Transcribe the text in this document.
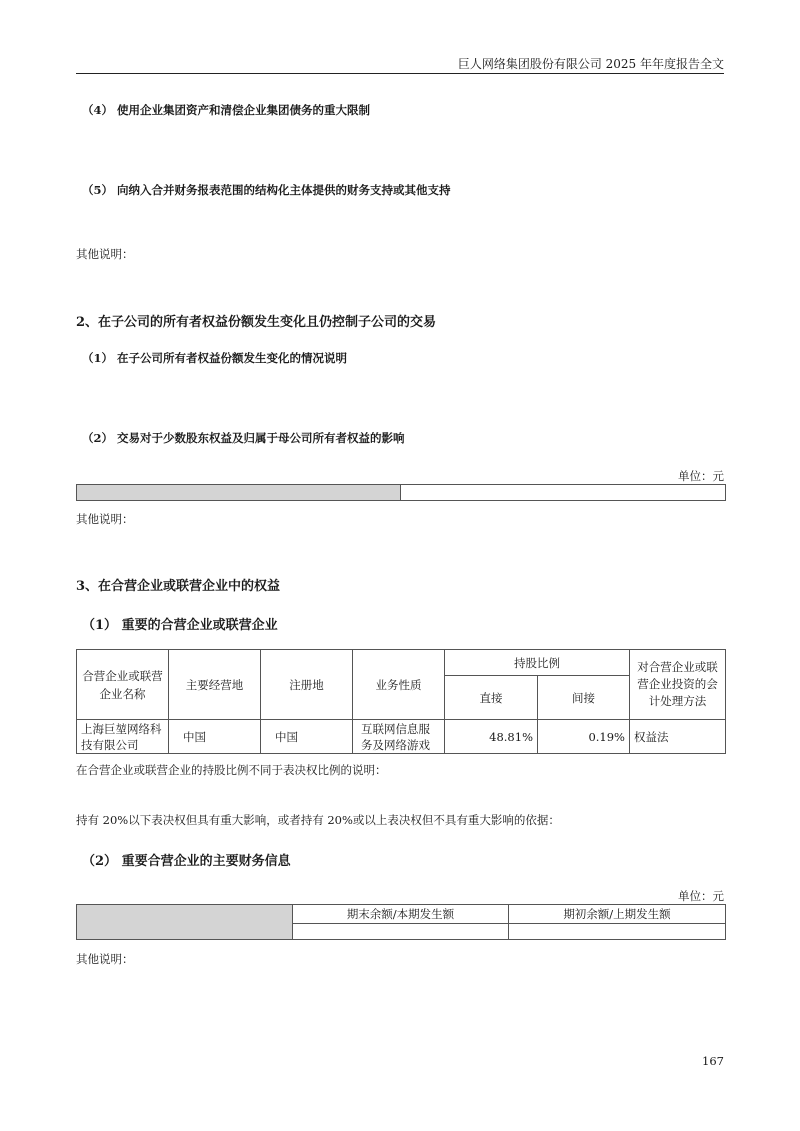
巨人网络集团股份有限公司 2025 年年度报告全文
（4） 使用企业集团资产和清偿企业集团债务的重大限制
（5） 向纳入合并财务报表范围的结构化主体提供的财务支持或其他支持
其他说明：
2、在子公司的所有者权益份额发生变化且仍控制子公司的交易
（1） 在子公司所有者权益份额发生变化的情况说明
（2） 交易对于少数股东权益及归属于母公司所有者权益的影响
单位：元

其他说明：
3、在合营企业或联营企业中的权益
（1） 重要的合营企业或联营企业
合营企业或联营企业名称	主要经营地	注册地	业务性质	持股比例		对合营企业或联营企业投资的会计处理方法
				直接	间接	
上海巨堃网络科技有限公司	中国	中国	互联网信息服务及网络游戏	48.81%	0.19%	权益法
在合营企业或联营企业的持股比例不同于表决权比例的说明：
持有 20%以下表决权但具有重大影响，或者持有 20%或以上表决权但不具有重大影响的依据：
（2） 重要合营企业的主要财务信息
单位：元
	期末余额/本期发生额	期初余额/上期发生额

其他说明：
167
